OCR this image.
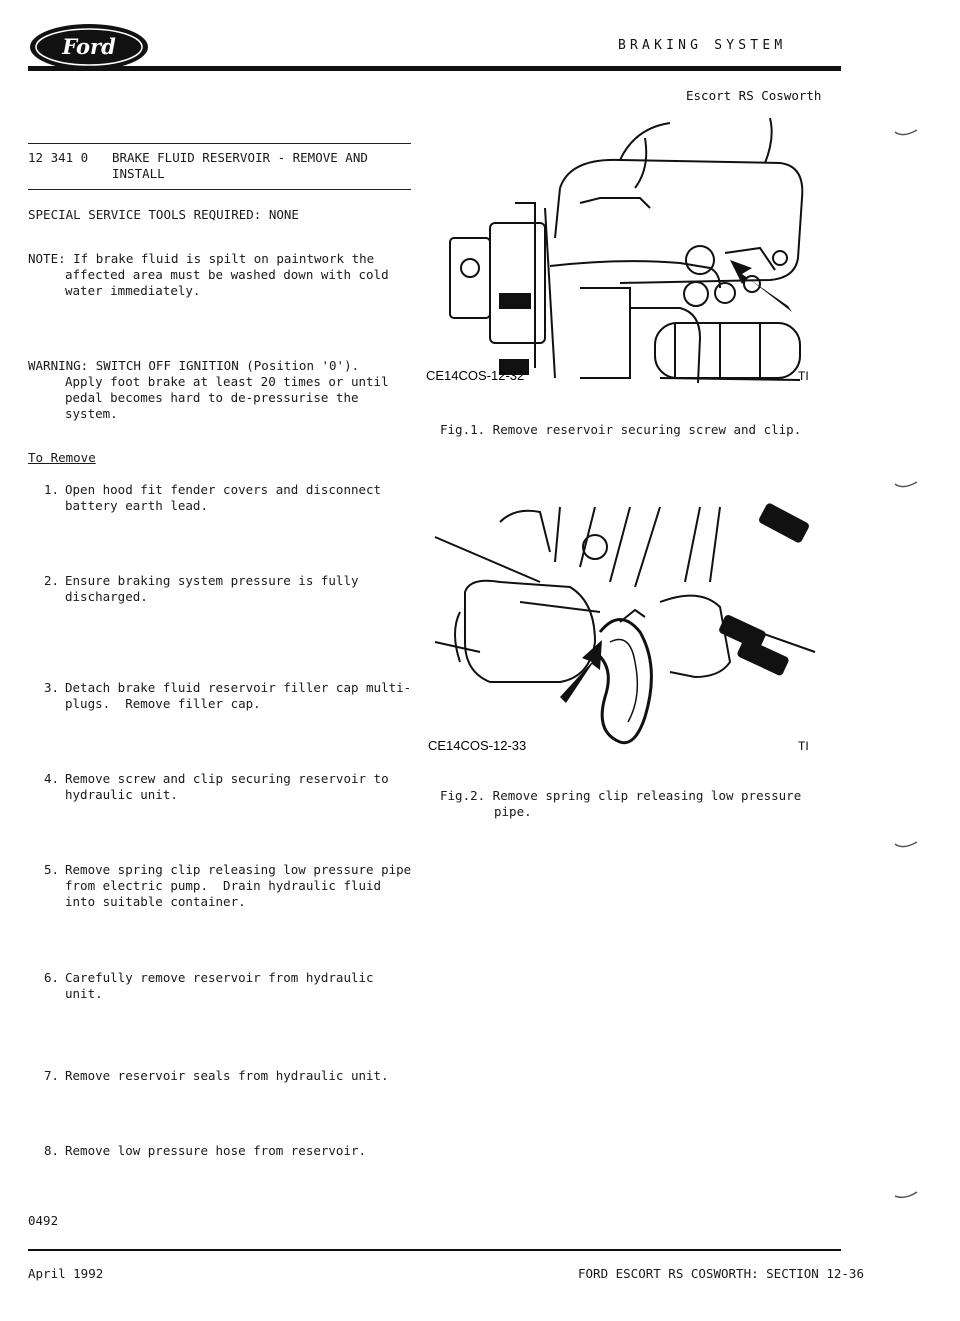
Ford	BRAKING SYSTEM
Escort RS Cosworth
12 341 0 BRAKE FLUID RESERVOIR - REMOVE AND
INSTALL
SPECIAL SERVICE TOOLS REQUIRED: NONE
NOTE: If brake fluid is spilt on paintwork the
affected area must be washed down with cold
water immediately.
WARNING: SWITCH OFF IGNITION (Position '0').
Apply foot brake at least 20 times or until
pedal becomes hard to de-pressurise the
system.
To Remove
1. Open hood fit fender covers and disconnect
battery earth lead.
2. Ensure braking system pressure is fully
discharged.
3. Detach brake fluid reservoir filler cap multi-
plugs.  Remove filler cap.
4. Remove screw and clip securing reservoir to
hydraulic unit.
5. Remove spring clip releasing low pressure pipe
from electric pump.  Drain hydraulic fluid
into suitable container.
6. Carefully remove reservoir from hydraulic
unit.
7. Remove reservoir seals from hydraulic unit.
8. Remove low pressure hose from reservoir.
0492
CE14COS-12-32	TI
Fig.1. Remove reservoir securing screw and clip.
CE14COS-12-33	TI
Fig.2. Remove spring clip releasing low pressure
pipe.
April 1992	FORD ESCORT RS COSWORTH: SECTION 12-36
